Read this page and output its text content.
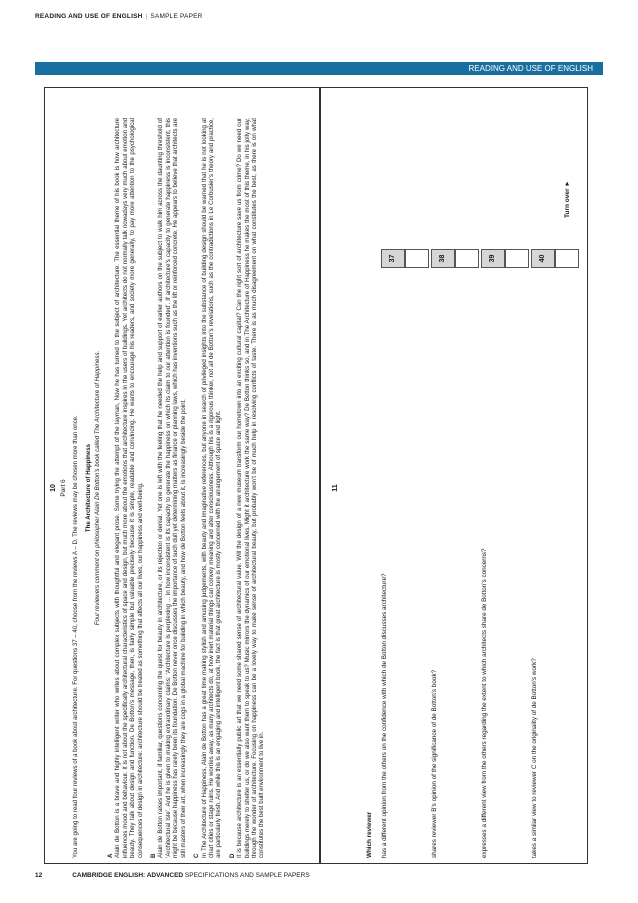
READING AND USE OF ENGLISH | SAMPLE PAPER
READING AND USE OF ENGLISH
10 Part 6 You are going to read four reviews of a book about architecture. For questions 37 – 40, choose from the reviews A – D. The reviews may be chosen more than once. The Architecture of Happiness Four reviewers comment on philosopher Alain De Botton’s book called The Architecture of Happiness.
A Alain de Botton is a brave and highly intelligent writer who writes about complex subjects with thoughtful and elegant prose. Some trying the attempt of the layman, Now he has turned to the subject of architecture. The essential theme of his book is how architecture influences mood and behaviour. It is not about the specifically architectural characteristics of space and design, but much more about the emotions that architecture inspires in the users of buildings. Yet architects do not normally talk nowadays very much about emotion and beauty. They talk about design and function. De Botton’s message, then, is fairly simple but valuable precisely because it is simple, readable and convincing. He wants to encourage his readers, and society more generally, to pay more attention to the psychological consequences of design in architecture: architecture should be treated as something that affects all our lives, our happiness and well-being. B Alain de Botton raises important, if familiar, questions concerning the quest for beauty in architecture, or its rejection or denial. Yet one is left with the feeling that he needed the help and support of earlier authors on the subject to walk him across the daunting threshold of ‘Architectural Isle’. And he is given to making extraordinary claims: ‘Architecture is perplexing ... in how inconsistent is its capacity to generate the happiness on which its claim to our attention is founded’. If architecture’s capacity to generate happiness is inconsistent, this might be because happiness has rarely been its foundation. De Botton never once discusses the importance of such dull yet determining matters as finance or planning laws, which has inventions such as the lift or reinforced concrete. He appears to believe that architects are still masters of their art, when increasingly they are cogs in a global machine for building in which beauty, and how de Botton feels about it, is increasingly beside the point. C In The Architecture of Happiness, Alain de Botton has a great time making stylish and amusing judgements, with beauty and imaginative references, but anyone in search of privileged insights into the substance of building design should be warned that he is not looking at chart cities or stage ruins. He worries away, as many architects do, at how inert material things can convey meaning and alter consciousness. Although his is a rigorous thinker, not all de Botton’s revelations, such as the contradictions in Le Corbusier’s theory and practice, are particularly fresh. And while this is an engaging and intelligent book, the fact is that great architecture is mostly concerned with the arrangement of space and light. D It is because architecture is an essentially public art that we need some shared sense of architectural value. Will the design of a new museum transform our hometown into an exciting cultural capital? Can the right sort of architecture save us from crime? Do we need our buildings merely to shelter us, or do we also want them to speak to us? Music mirrors the dynamics of our emotional lives. Might it architecture work the same way? De Botton thinks so, and in The Architecture of Happiness he makes the most of this theme, in his jolly way, through the wonder of architecture. Focusing on happiness can be a lovely way to make sense of architectural beauty, but probably won’t be of much help in resolving conflicts of taste. There is as much disagreement on what constitutes the best, as there is on what constitutes the best built environment to live in.
11
Which reviewer has a different opinion from the others on the confidence with which de Botton discusses architecture?
37
shares reviewer B’s opinion of the significance of de Botton’s book?
38
expresses a different view from the others regarding the extent to which architects share de Botton’s concerns?
39
takes a similar view to reviewer C on the originality of de Botton’s work?
40
Turn over ►
12	CAMBRIDGE ENGLISH: ADVANCED SPECIFICATIONS AND SAMPLE PAPERS
